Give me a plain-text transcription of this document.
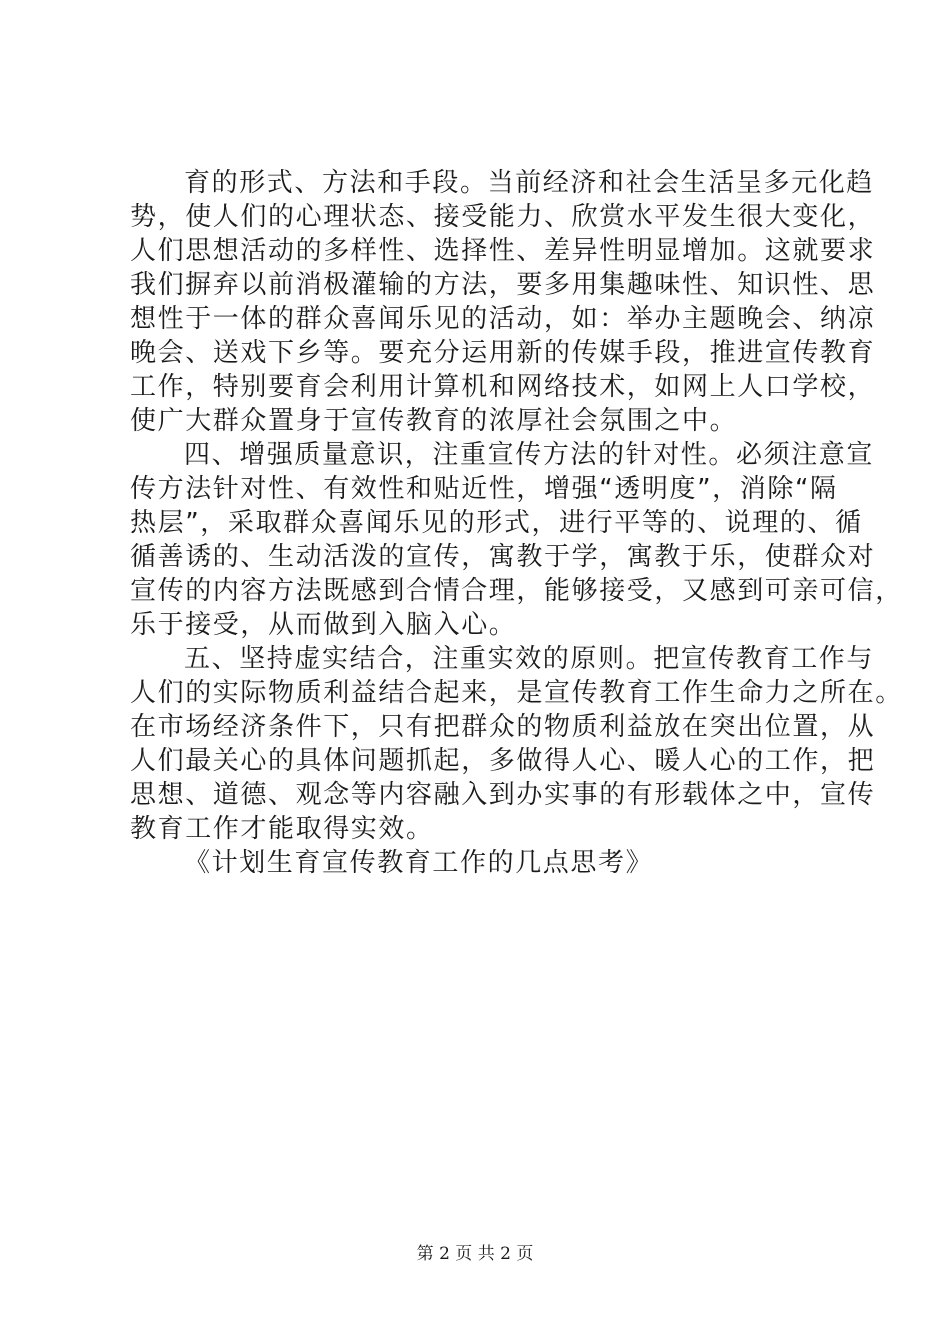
育的形式、方法和手段。当前经济和社会生活呈多元化趋
势，使人们的心理状态、接受能力、欣赏水平发生很大变化，
人们思想活动的多样性、选择性、差异性明显增加。这就要求
我们摒弃以前消极灌输的方法，要多用集趣味性、知识性、思
想性于一体的群众喜闻乐见的活动，如：举办主题晚会、纳凉
晚会、送戏下乡等。要充分运用新的传媒手段，推进宣传教育
工作，特别要育会利用计算机和网络技术，如网上人口学校，
使广大群众置身于宣传教育的浓厚社会氛围之中。
四、增强质量意识，注重宣传方法的针对性。必须注意宣
传方法针对性、有效性和贴近性，增强“透明度”，消除“隔
热层”，采取群众喜闻乐见的形式，进行平等的、说理的、循
循善诱的、生动活泼的宣传，寓教于学，寓教于乐，使群众对
宣传的内容方法既感到合情合理，能够接受，又感到可亲可信，
乐于接受，从而做到入脑入心。
五、坚持虚实结合，注重实效的原则。把宣传教育工作与
人们的实际物质利益结合起来，是宣传教育工作生命力之所在。
在市场经济条件下，只有把群众的物质利益放在突出位置，从
人们最关心的具体问题抓起，多做得人心、暖人心的工作，把
思想、道德、观念等内容融入到办实事的有形载体之中，宣传
教育工作才能取得实效。
《计划生育宣传教育工作的几点思考》
第 2 页 共 2 页
